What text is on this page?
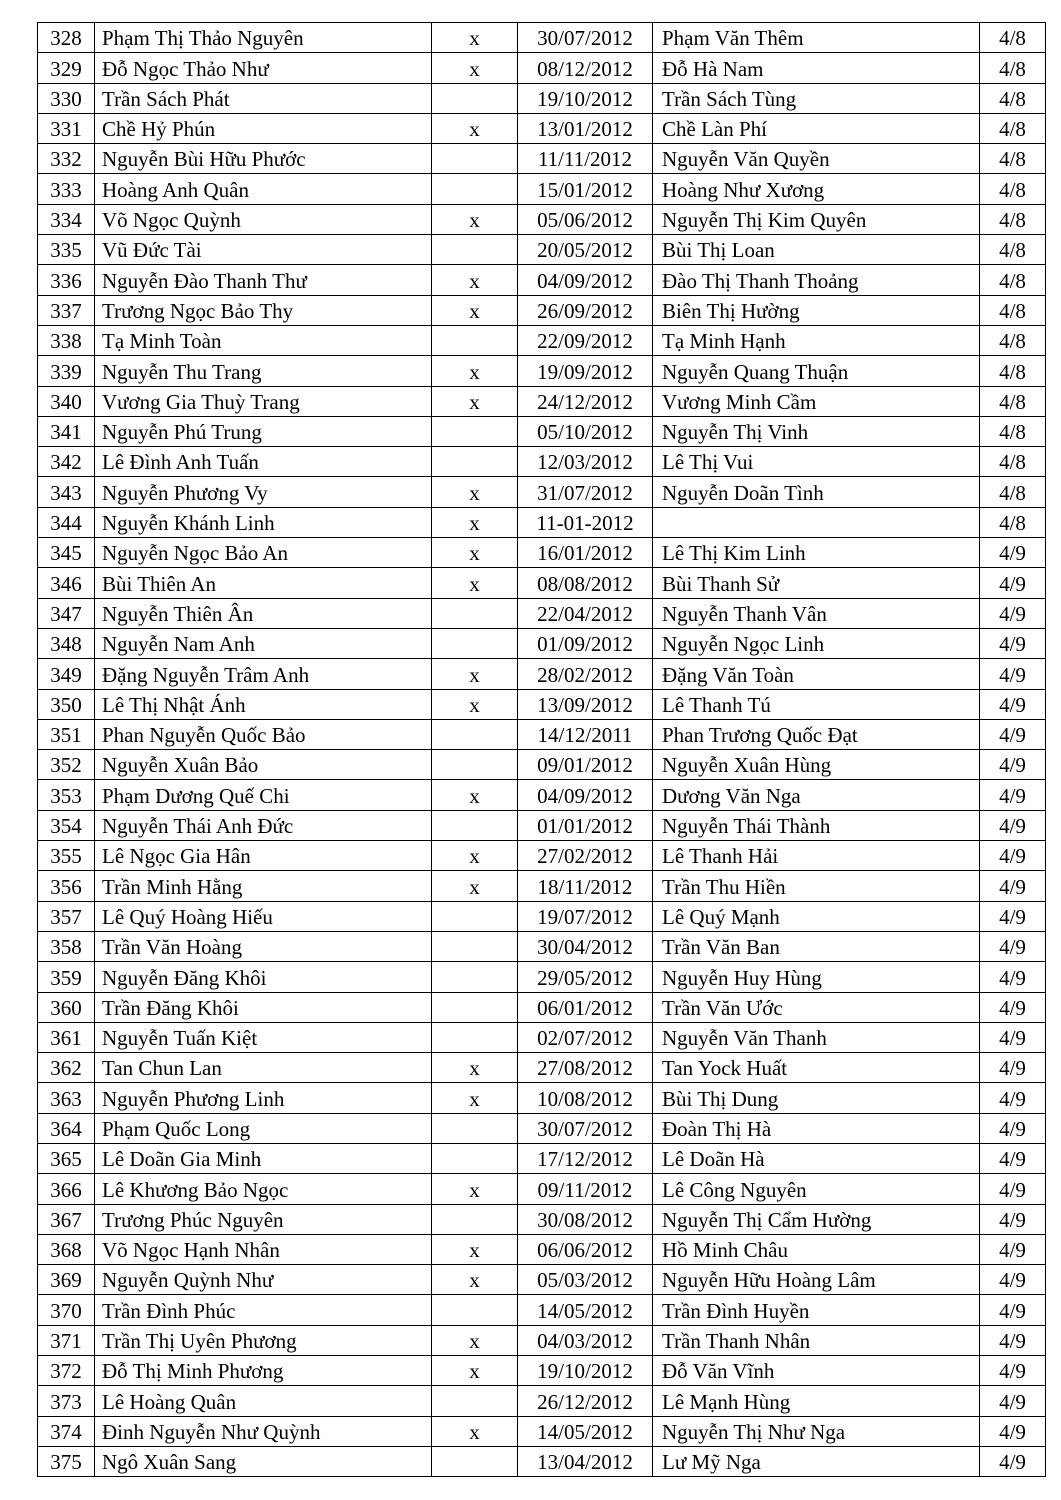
328	Phạm Thị Thảo Nguyên	x	30/07/2012	Phạm Văn Thêm	4/8

329	Đỗ Ngọc Thảo Như	x	08/12/2012	Đỗ Hà Nam	4/8

330	Trần Sách Phát		19/10/2012	Trần Sách Tùng	4/8

331	Chề Hỷ Phún	x	13/01/2012	Chề Làn Phí	4/8

332	Nguyễn Bùi Hữu Phước		11/11/2012	Nguyễn Văn Quyền	4/8

333	Hoàng Anh Quân		15/01/2012	Hoàng Như Xương	4/8

334	Võ Ngọc Quỳnh	x	05/06/2012	Nguyễn Thị Kim Quyên	4/8

335	Vũ Đức Tài		20/05/2012	Bùi Thị Loan	4/8

336	Nguyễn Đào Thanh Thư	x	04/09/2012	Đào Thị Thanh Thoảng	4/8

337	Trương Ngọc Bảo Thy	x	26/09/2012	Biên Thị Hường	4/8

338	Tạ Minh Toàn		22/09/2012	Tạ Minh Hạnh	4/8

339	Nguyễn Thu Trang	x	19/09/2012	Nguyễn Quang Thuận	4/8

340	Vương Gia Thuỳ Trang	x	24/12/2012	Vương Minh Cầm	4/8

341	Nguyễn Phú Trung		05/10/2012	Nguyễn Thị Vinh	4/8

342	Lê Đình Anh Tuấn		12/03/2012	Lê Thị Vui	4/8

343	Nguyễn Phương Vy	x	31/07/2012	Nguyễn Doãn Tình	4/8

344	Nguyễn Khánh Linh	x	11-01-2012		4/8

345	Nguyễn Ngọc Bảo An	x	16/01/2012	Lê Thị Kim Linh	4/9

346	Bùi Thiên An	x	08/08/2012	Bùi Thanh Sử	4/9

347	Nguyễn Thiên Ân		22/04/2012	Nguyễn Thanh Vân	4/9

348	Nguyễn Nam Anh		01/09/2012	Nguyễn Ngọc Linh	4/9

349	Đặng Nguyễn Trâm Anh	x	28/02/2012	Đặng Văn Toàn	4/9

350	Lê Thị Nhật Ánh	x	13/09/2012	Lê Thanh Tú	4/9

351	Phan Nguyễn Quốc Bảo		14/12/2011	Phan Trương Quốc Đạt	4/9

352	Nguyễn Xuân Bảo		09/01/2012	Nguyễn Xuân Hùng	4/9

353	Phạm Dương Quế Chi	x	04/09/2012	Dương Văn Nga	4/9

354	Nguyễn Thái Anh Đức		01/01/2012	Nguyễn Thái Thành	4/9

355	Lê Ngọc Gia Hân	x	27/02/2012	Lê Thanh Hải	4/9

356	Trần Minh Hằng	x	18/11/2012	Trần Thu Hiền	4/9

357	Lê Quý Hoàng Hiếu		19/07/2012	Lê Quý Mạnh	4/9

358	Trần Văn Hoàng		30/04/2012	Trần Văn Ban	4/9

359	Nguyễn Đăng Khôi		29/05/2012	Nguyễn Huy Hùng	4/9

360	Trần Đăng Khôi		06/01/2012	Trần Văn Ước	4/9

361	Nguyễn Tuấn Kiệt		02/07/2012	Nguyễn Văn Thanh	4/9

362	Tan Chun Lan	x	27/08/2012	Tan Yock Huất	4/9

363	Nguyễn Phương Linh	x	10/08/2012	Bùi Thị Dung	4/9

364	Phạm Quốc Long		30/07/2012	Đoàn Thị Hà	4/9

365	Lê Doãn Gia Minh		17/12/2012	Lê Doãn Hà	4/9

366	Lê Khương Bảo Ngọc	x	09/11/2012	Lê Công Nguyên	4/9

367	Trương Phúc Nguyên		30/08/2012	Nguyễn Thị Cẩm Hường	4/9

368	Võ Ngọc Hạnh Nhân	x	06/06/2012	Hồ Minh Châu	4/9

369	Nguyễn Quỳnh Như	x	05/03/2012	Nguyễn Hữu Hoàng Lâm	4/9

370	Trần Đình Phúc		14/05/2012	Trần Đình Huyền	4/9

371	Trần Thị Uyên Phương	x	04/03/2012	Trần Thanh Nhân	4/9

372	Đỗ Thị Minh Phương	x	19/10/2012	Đỗ Văn Vĩnh	4/9

373	Lê Hoàng Quân		26/12/2012	Lê Mạnh Hùng	4/9

374	Đinh Nguyễn Như Quỳnh	x	14/05/2012	Nguyễn Thị Như Nga	4/9

375	Ngô Xuân Sang		13/04/2012	Lư Mỹ Nga	4/9
